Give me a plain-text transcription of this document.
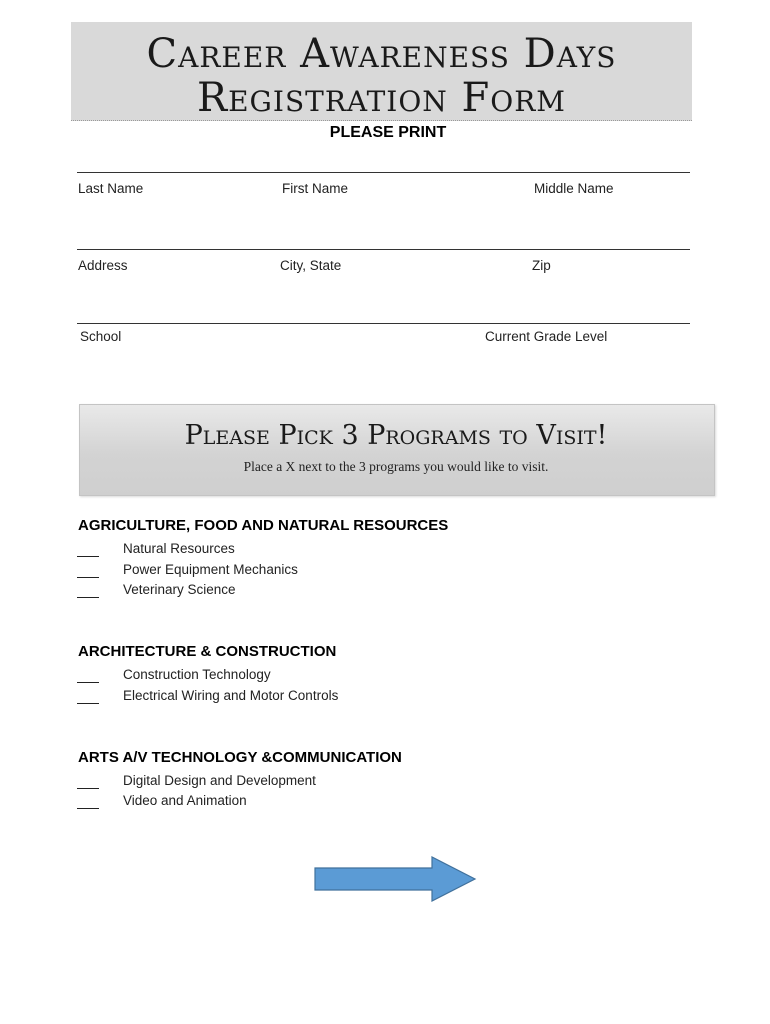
Career Awareness Days
Registration Form
PLEASE PRINT
Last Name	First Name	Middle Name
Address	City, State	Zip
School	Current Grade Level
Please Pick 3 Programs to Visit!
Place a X next to the 3 programs you would like to visit.
AGRICULTURE, FOOD AND NATURAL RESOURCES
Natural Resources
Power Equipment Mechanics
Veterinary Science
ARCHITECTURE & CONSTRUCTION
Construction Technology
Electrical Wiring and Motor Controls
ARTS A/V TECHNOLOGY &COMMUNICATION
Digital Design and Development
Video and Animation
